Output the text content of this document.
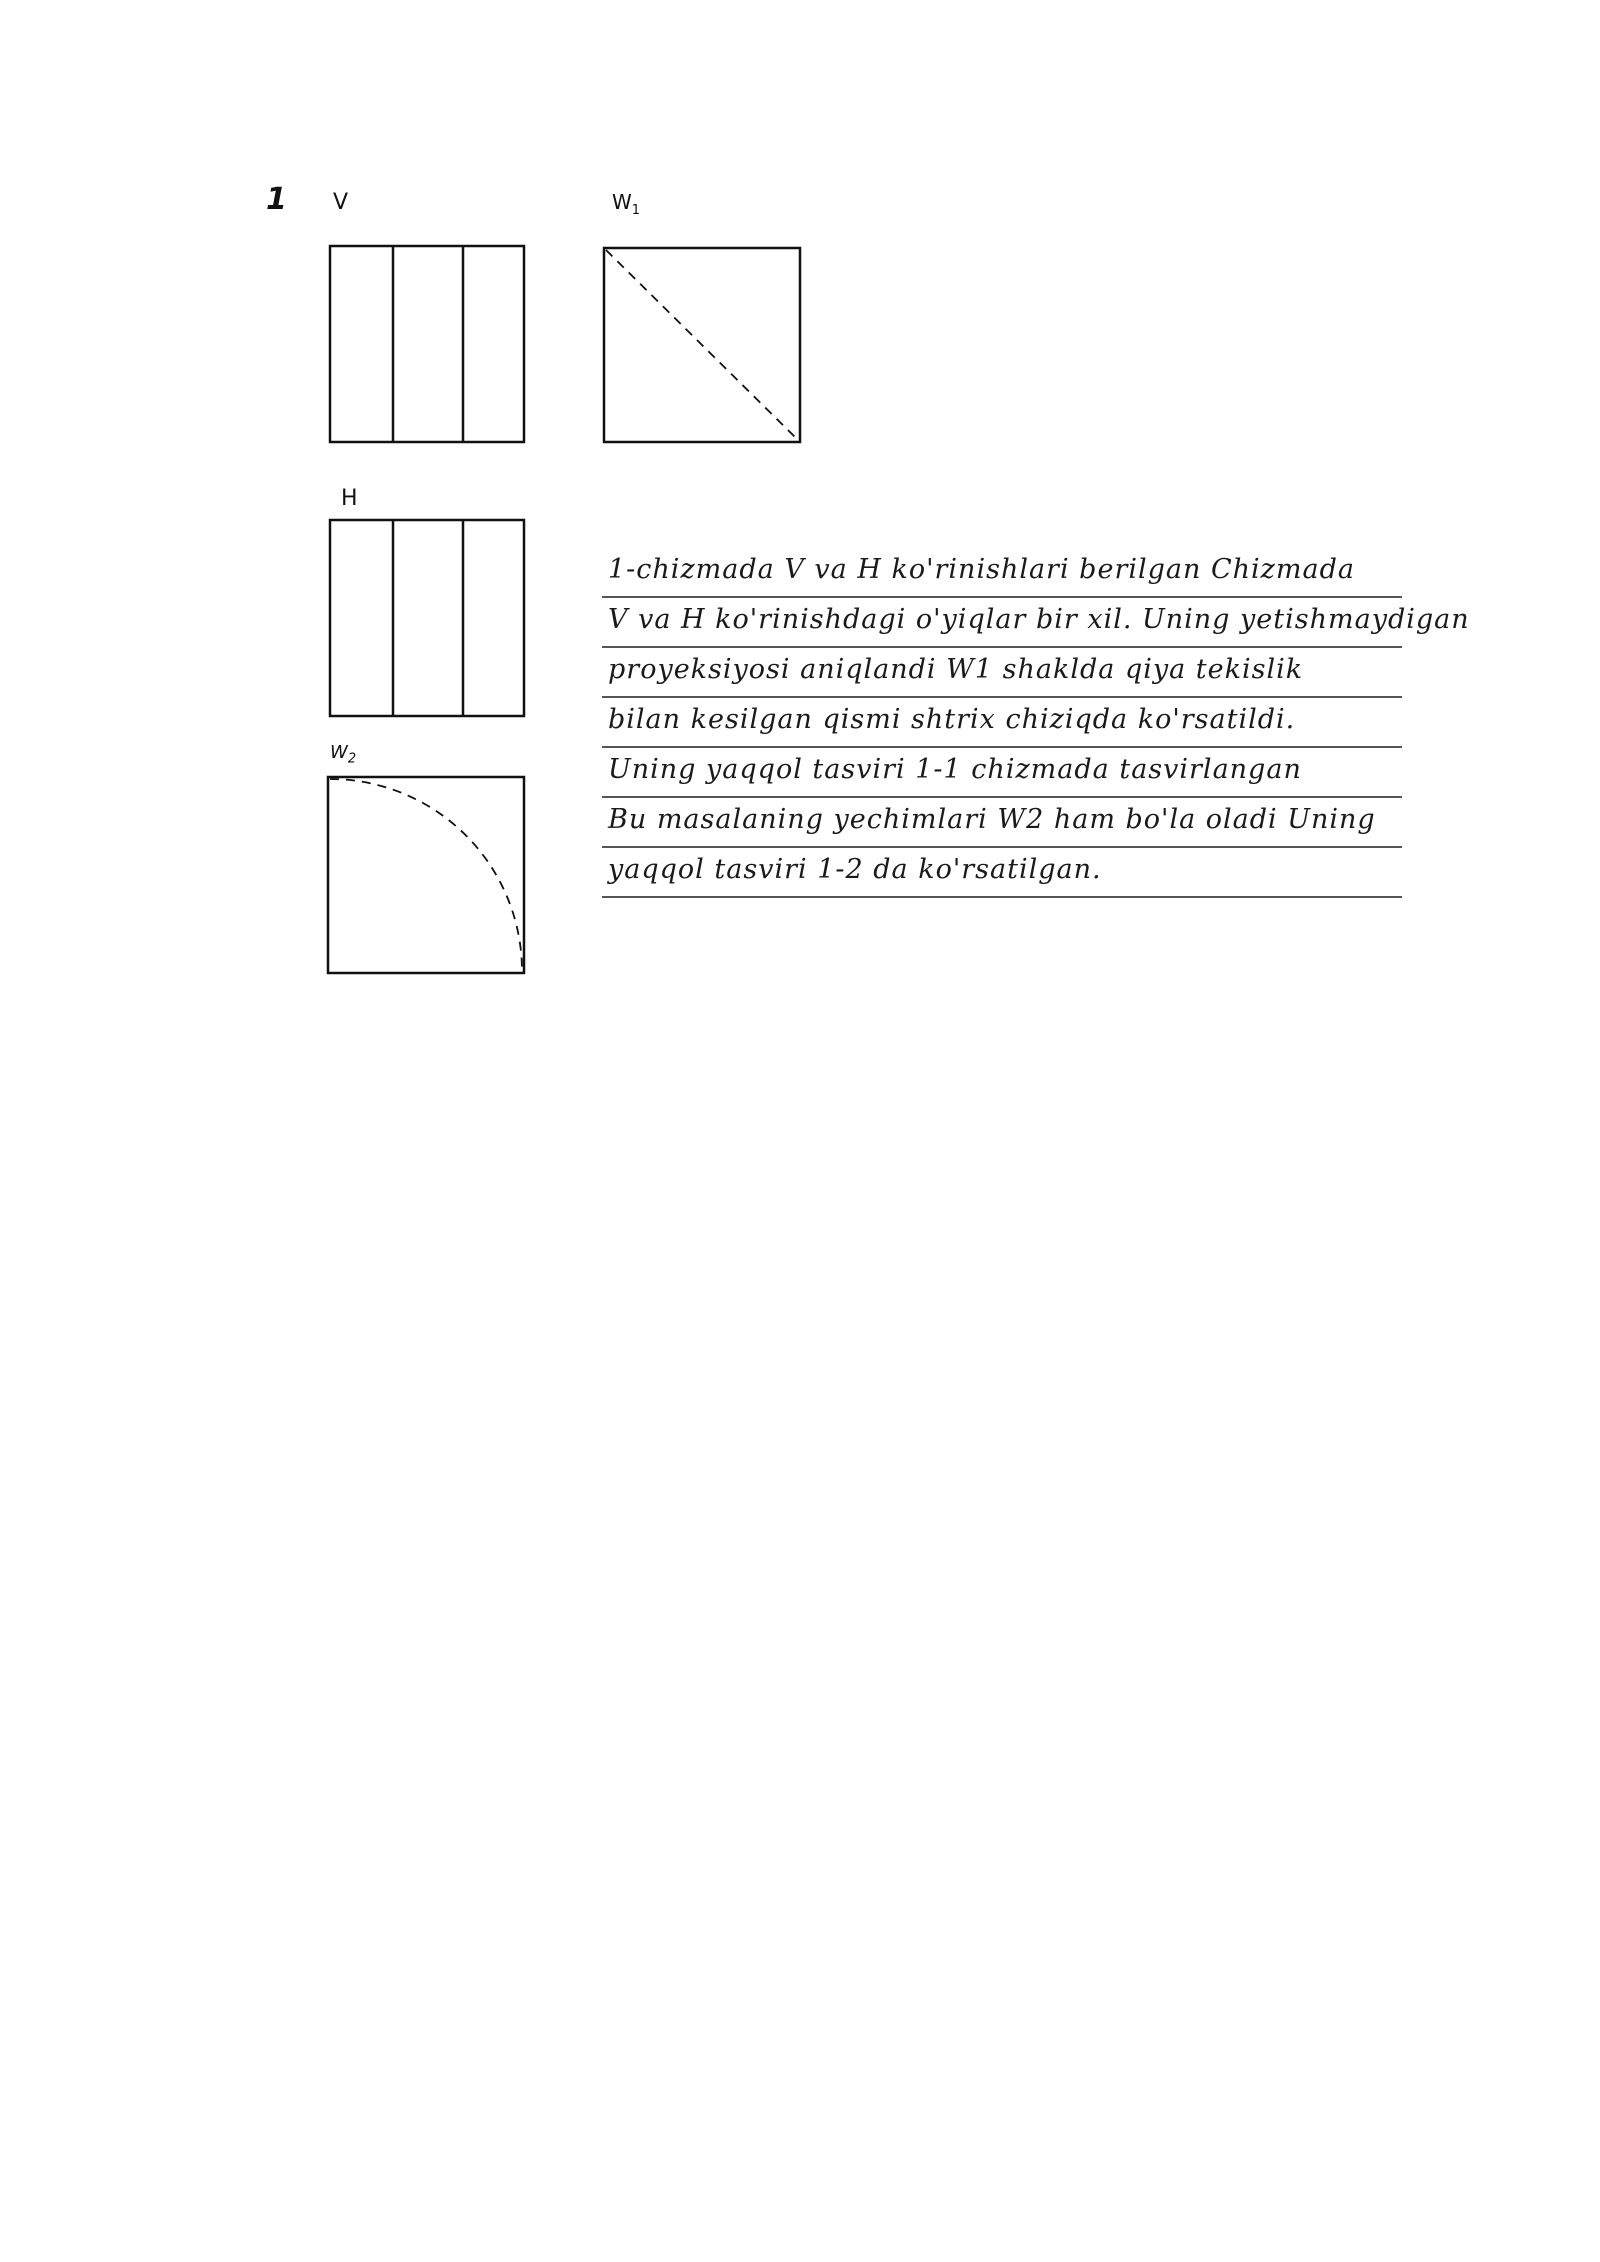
1 V	$W_1$
H
$W_2$
1-chizmada V va H ko'rinishlari berilgan Chizmada
V va H ko'rinishdagi o'yiqlar bir xil. Uning yetishmaydigan
proyeksiyosi aniqlandi W1 shaklda qiya tekislik
bilan kesilgan qismi shtrix chiziqda ko'rsatildi.
Uning yaqqol tasviri 1-1 chizmada tasvirlangan
Bu masalaning yechimlari W2 ham bo'la oladi Uning
yaqqol tasviri 1-2 da ko'rsatilgan.
